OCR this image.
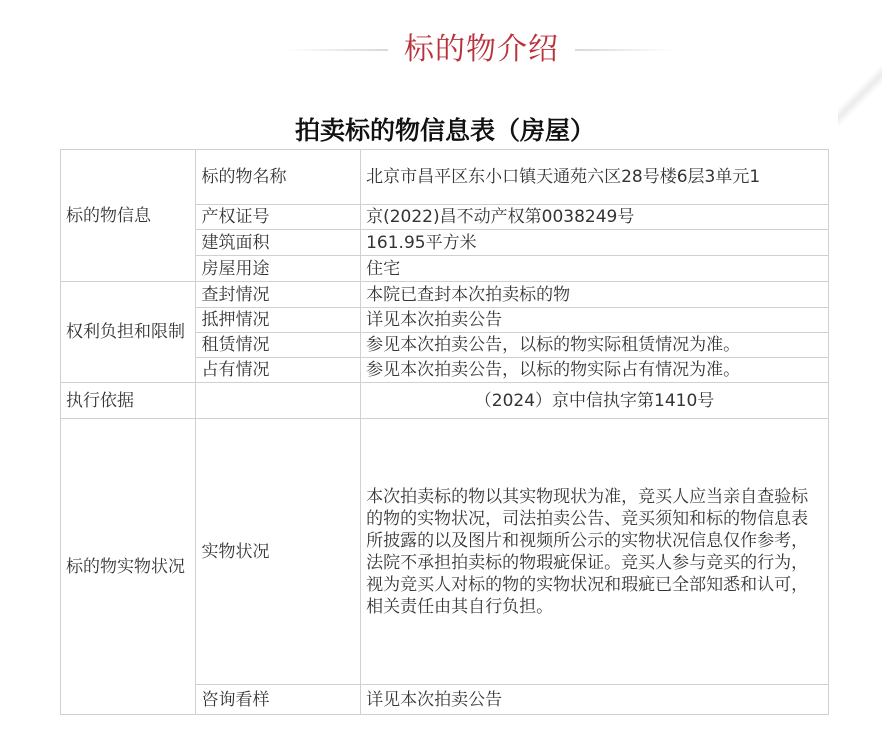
标的物介绍
拍卖标的物信息表（房屋）
标的物信息	标的物名称	北京市昌平区东小口镇天通苑六区28号楼6层3单元1
	产权证号	京(2022)昌不动产权第0038249号
	建筑面积	161.95平方米
	房屋用途	住宅
权利负担和限制	查封情况	本院已查封本次拍卖标的物
	抵押情况	详见本次拍卖公告
	租赁情况	参见本次拍卖公告，以标的物实际租赁情况为准。
	占有情况	参见本次拍卖公告，以标的物实际占有情况为准。
执行依据		（2024）京中信执字第1410号
标的物实物状况	实物状况	本次拍卖标的物以其实物现状为准，竞买人应当亲自查验标的物的实物状况，司法拍卖公告、竞买须知和标的物信息表所披露的以及图片和视频所公示的实物状况信息仅作参考，法院不承担拍卖标的物瑕疵保证。竞买人参与竞买的行为，视为竞买人对标的物的实物状况和瑕疵已全部知悉和认可，相关责任由其自行负担。
	咨询看样	详见本次拍卖公告
